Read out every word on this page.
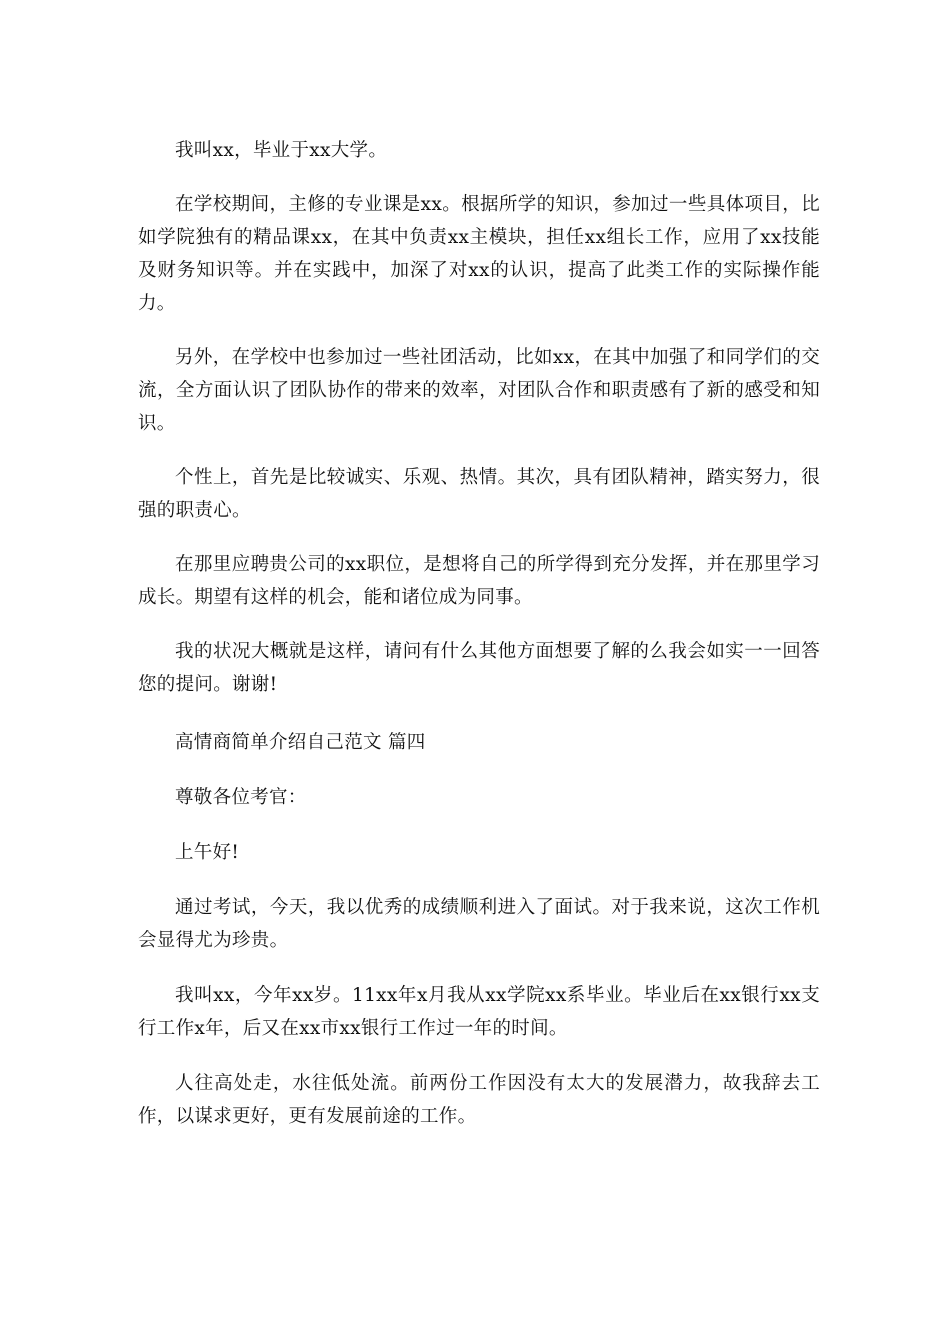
我叫xx，毕业于xx大学。

在学校期间，主修的专业课是xx。根据所学的知识，参加过一些具体项目，比如学院独有的精品课xx，在其中负责xx主模块，担任xx组长工作，应用了xx技能及财务知识等。并在实践中，加深了对xx的认识，提高了此类工作的实际操作能力。

另外，在学校中也参加过一些社团活动，比如xx，在其中加强了和同学们的交流，全方面认识了团队协作的带来的效率，对团队合作和职责感有了新的感受和知识。

个性上，首先是比较诚实、乐观、热情。其次，具有团队精神，踏实努力，很强的职责心。

在那里应聘贵公司的xx职位，是想将自己的所学得到充分发挥，并在那里学习成长。期望有这样的机会，能和诸位成为同事。

我的状况大概就是这样，请问有什么其他方面想要了解的么我会如实一一回答您的提问。谢谢!

高情商简单介绍自己范文 篇四

尊敬各位考官：

上午好!

通过考试，今天，我以优秀的成绩顺利进入了面试。对于我来说，这次工作机会显得尤为珍贵。

我叫xx，今年xx岁。11xx年x月我从xx学院xx系毕业。毕业后在xx银行xx支行工作x年，后又在xx市xx银行工作过一年的时间。

人往高处走，水往低处流。前两份工作因没有太大的发展潜力，故我辞去工作，以谋求更好，更有发展前途的工作。
